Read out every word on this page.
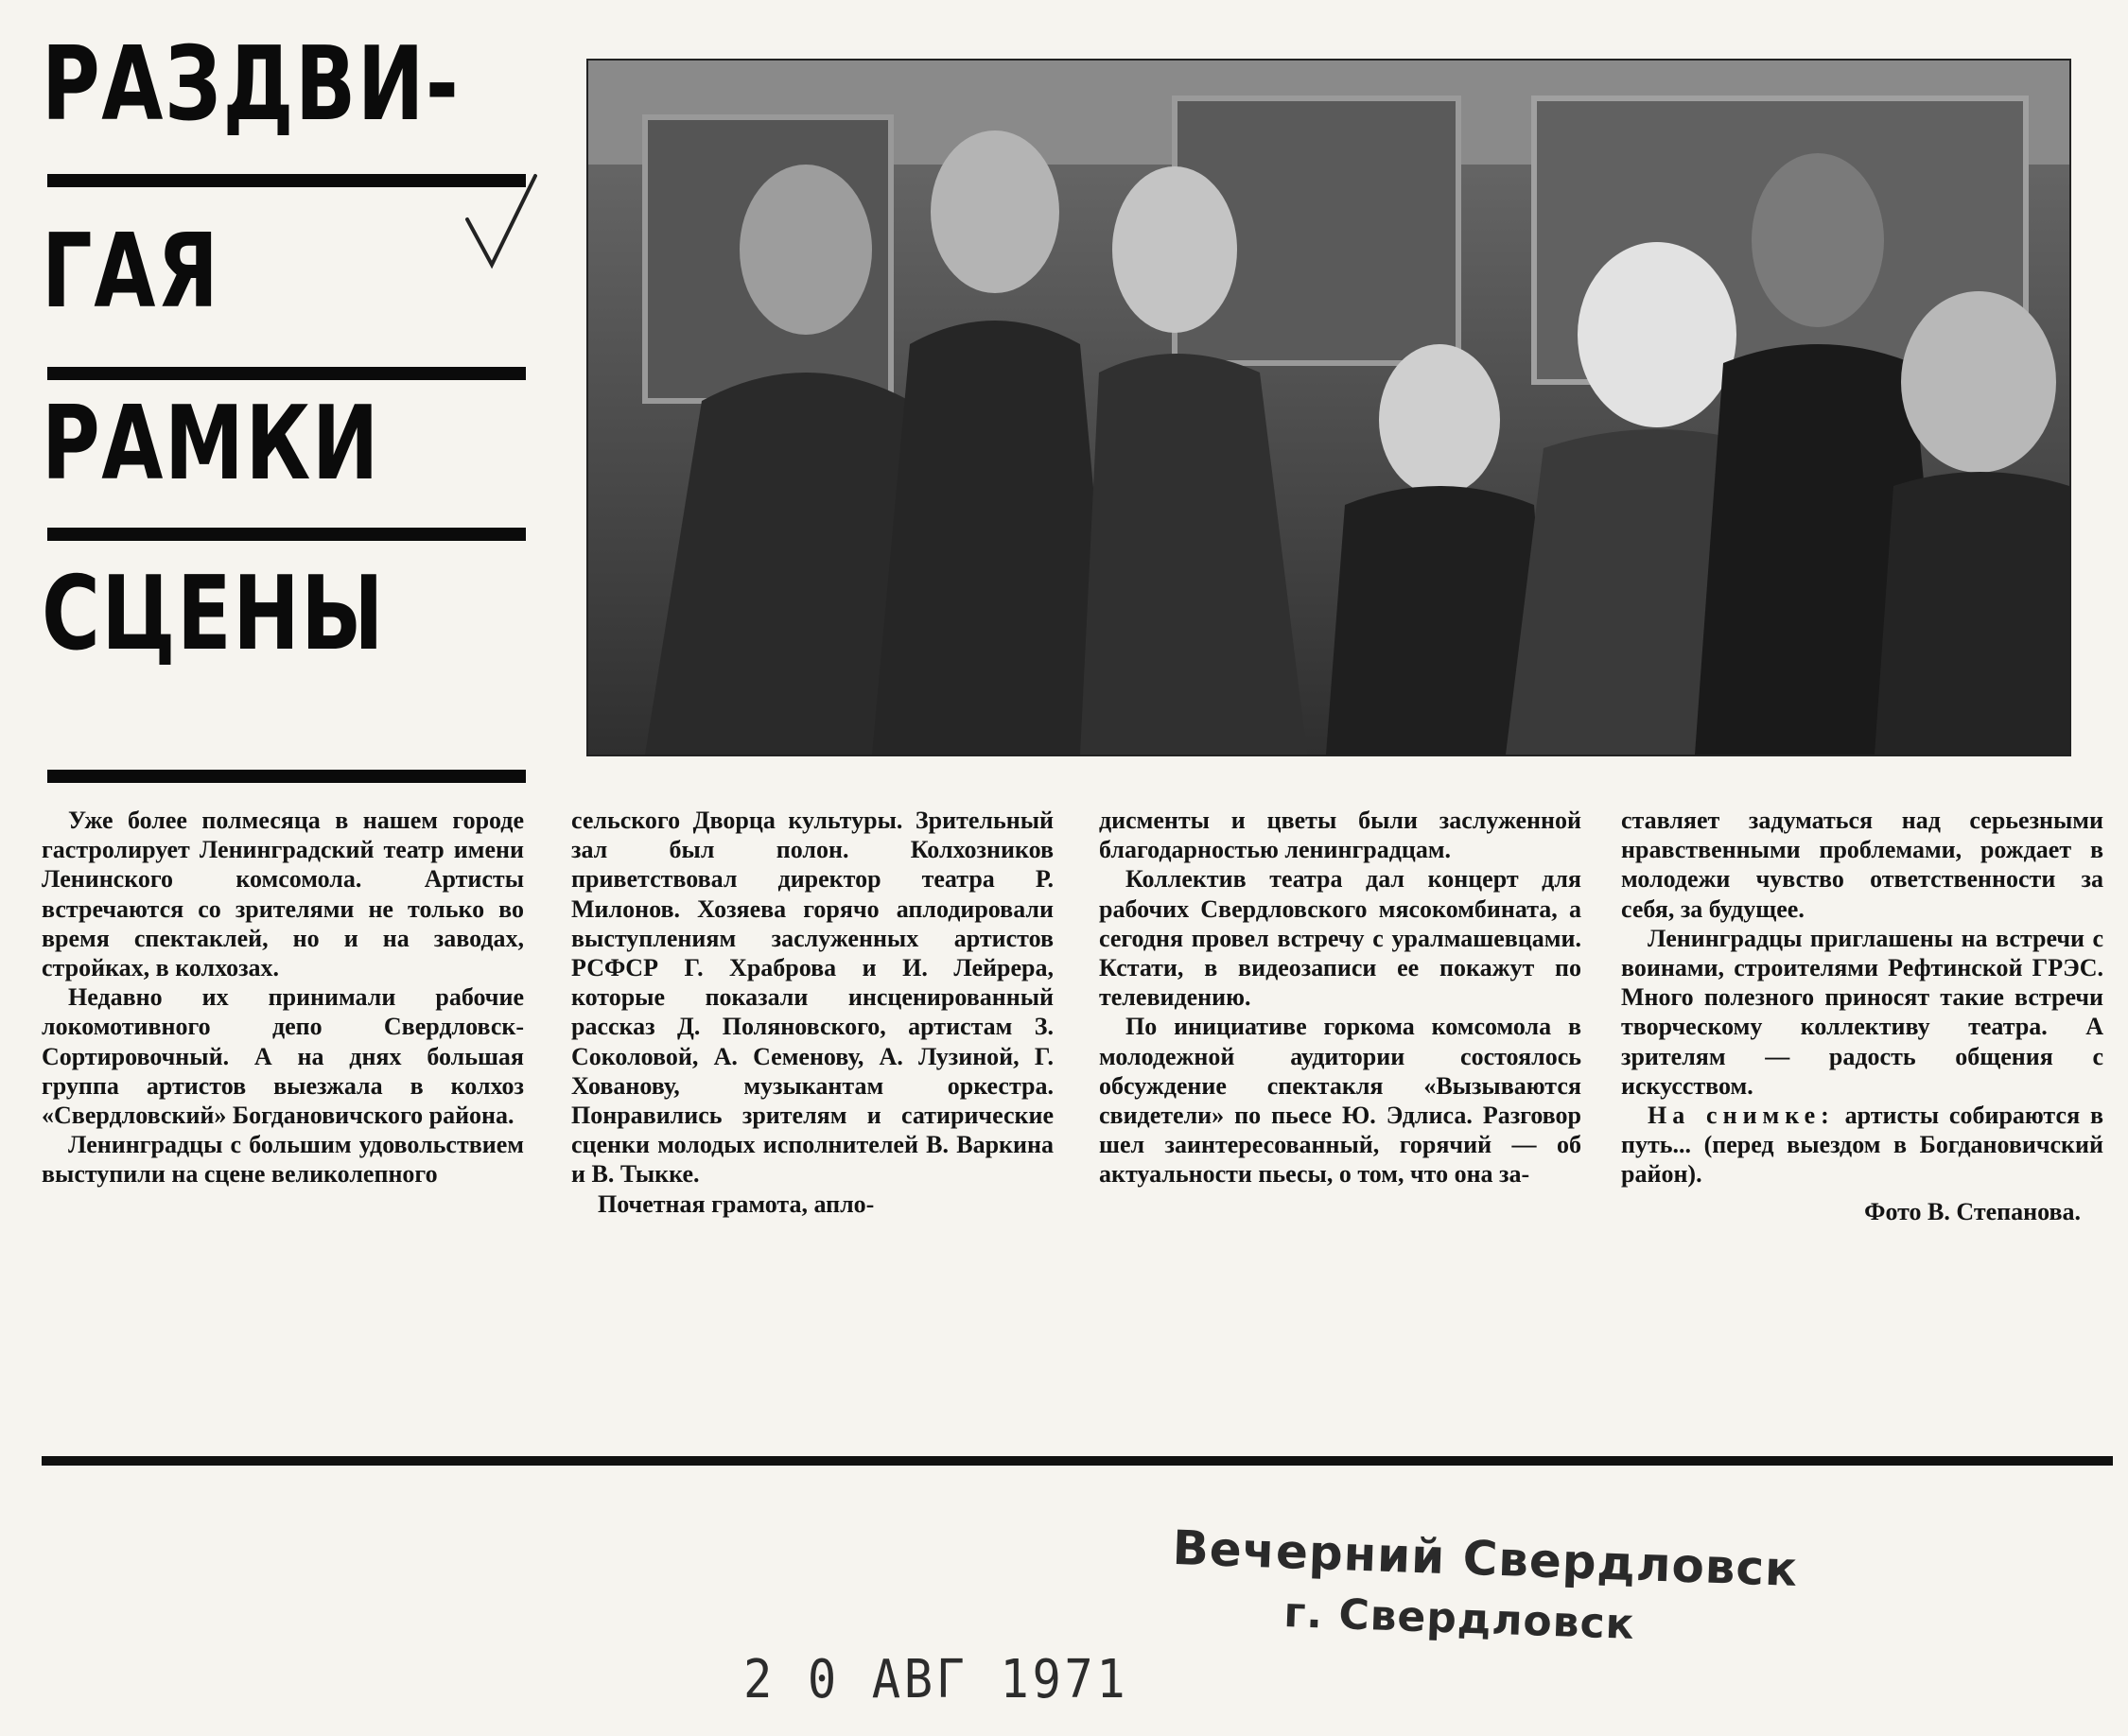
РАЗДВИ-
ГАЯ
РАМКИ
СЦЕНЫ

Уже более полмесяца в нашем городе гастролирует Ленинградский театр имени Ленинского комсомола. Артисты встречаются со зрителями не только во время спектаклей, но и на заводах, стройках, в колхозах.

Недавно их принимали рабочие локомотивного депо Свердловск-Сортировочный. А на днях большая группа артистов выезжала в колхоз «Свердловский» Богдановичского района.

Ленинградцы с большим удовольствием выступили на сцене великолепного

сельского Дворца культуры. Зрительный зал был полон. Колхозников приветствовал директор театра Р. Милонов. Хозяева горячо аплодировали выступлениям заслуженных артистов РСФСР Г. Храброва и И. Лейрера, которые показали инсценированный рассказ Д. Поляновского, артистам З. Соколовой, А. Семенову, А. Лузиной, Г. Хованову, музыкантам оркестра. Понравились зрителям и сатирические сценки молодых исполнителей В. Варкина и В. Тыкке.

Почетная грамота, апло-

дисменты и цветы были заслуженной благодарностью ленинградцам.

Коллектив театра дал концерт для рабочих Свердловского мясокомбината, а сегодня провел встречу с уралмашевцами. Кстати, в видеозаписи ее покажут по телевидению.

По инициативе горкома комсомола в молодежной аудитории состоялось обсуждение спектакля «Вызываются свидетели» по пьесе Ю. Эдлиса. Разговор шел заинтересованный, горячий — об актуальности пьесы, о том, что она за-

ставляет задуматься над серьезными нравственными проблемами, рождает в молодежи чувство ответственности за себя, за будущее.

Ленинградцы приглашены на встречи с воинами, строителями Рефтинской ГРЭС. Много полезного приносят такие встречи творческому коллективу театра. А зрителям — радость общения с искусством.

На снимке: артисты собираются в путь... (перед выездом в Богдановичский район).

Фото В. Степанова.

Вечерний Свердловск
г. Свердловск
2 0 АВГ 1971
